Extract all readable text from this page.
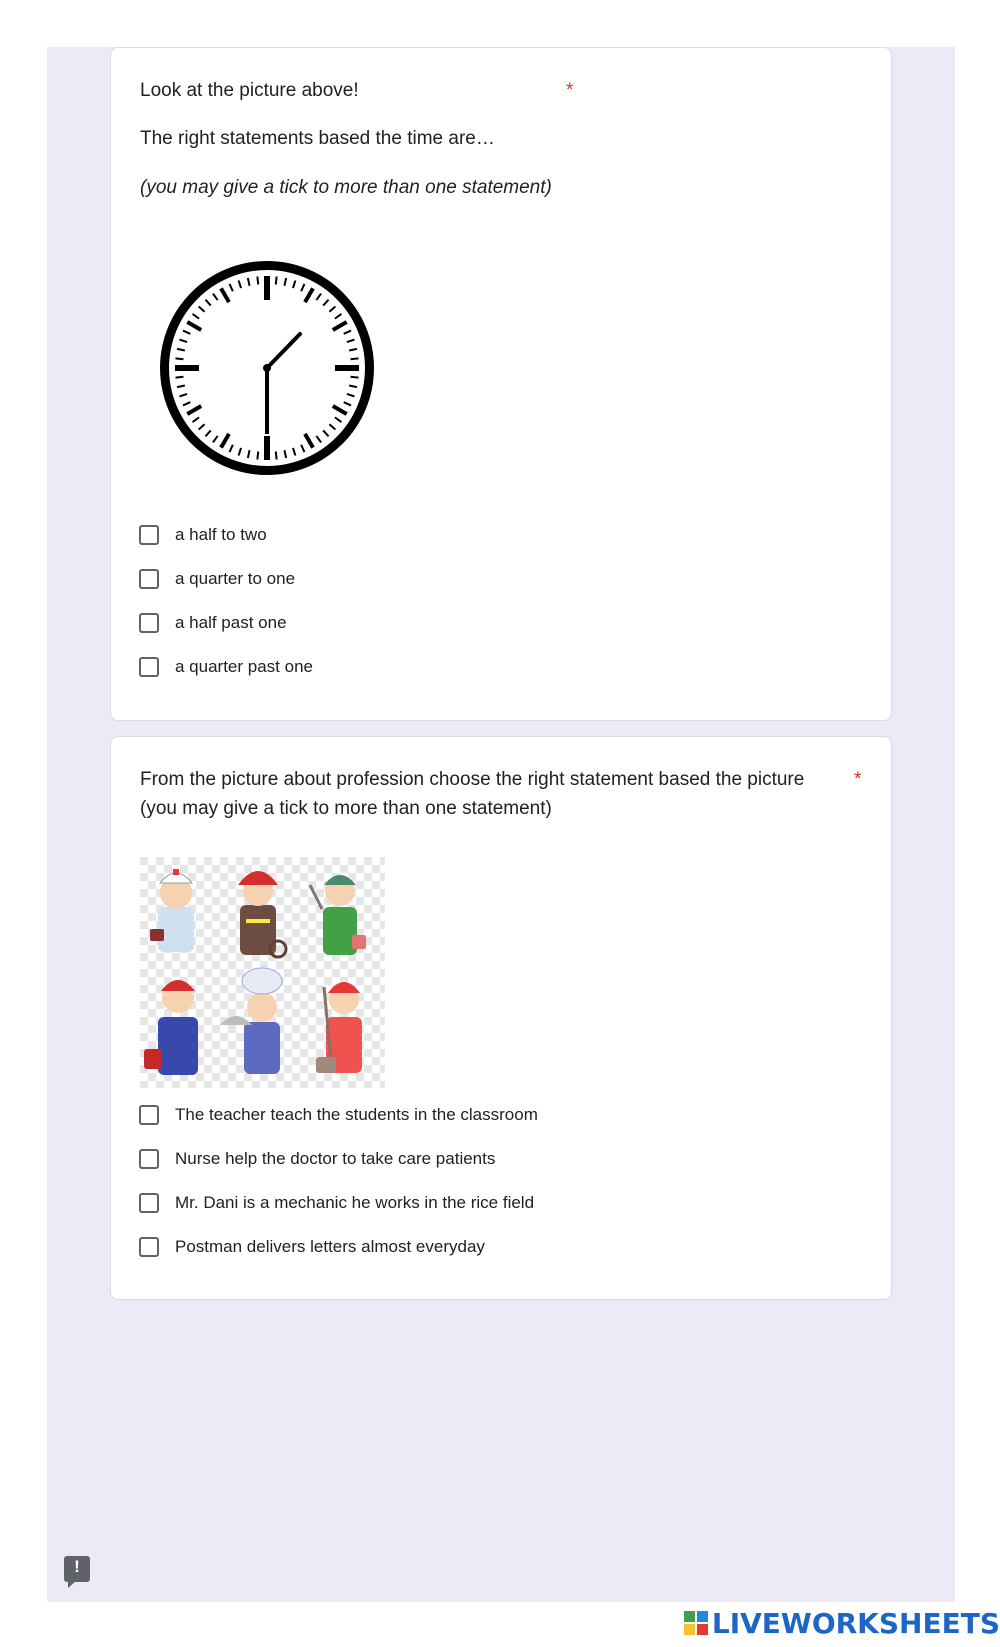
Look at the picture above!	*
The right statements based the time are…
(you may give a tick to more than one statement)
a half to two
a quarter to one
a half past one
a quarter past one
From the picture about profession choose the right statement based the picture	*
(you may give a tick to more than one statement)
The teacher teach the students in the classroom
Nurse help the doctor to take care patients
Mr. Dani is a mechanic he works in the rice field
Postman delivers letters almost everyday
!
LIVEWORKSHEETS
